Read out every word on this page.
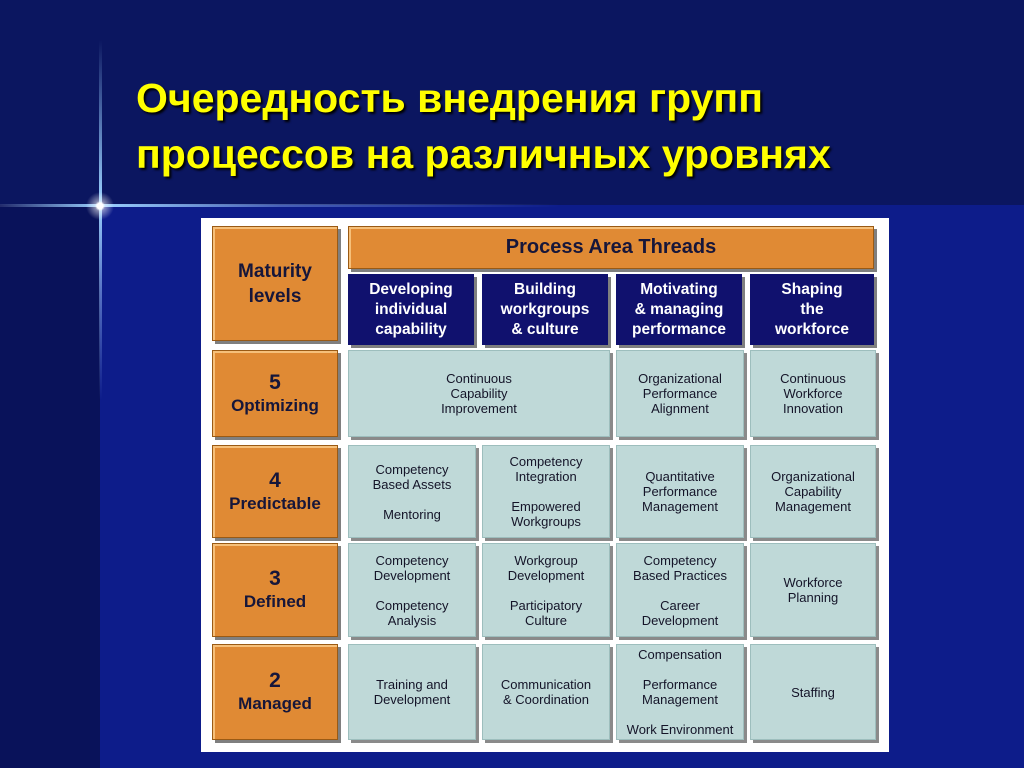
Очередность внедрения групп
процессов на различных уровнях
Maturity
levels
Process Area Threads
Developing
individual
capability
Building
workgroups
& culture
Motivating
& managing
performance
Shaping
the
workforce
5
Optimizing
Continuous
Capability
Improvement
Organizational
Performance
Alignment
Continuous
Workforce
Innovation
4
Predictable
Competency
Based Assets
Mentoring
Competency
Integration
Empowered
Workgroups
Quantitative
Performance
Management
Organizational
Capability
Management
3
Defined
Competency
Development
Competency
Analysis
Workgroup
Development
Participatory
Culture
Competency
Based Practices
Career
Development
Workforce
Planning
2
Managed
Training and
Development
Communication
& Coordination
Compensation
Performance
Management
Work Environment
Staffing
